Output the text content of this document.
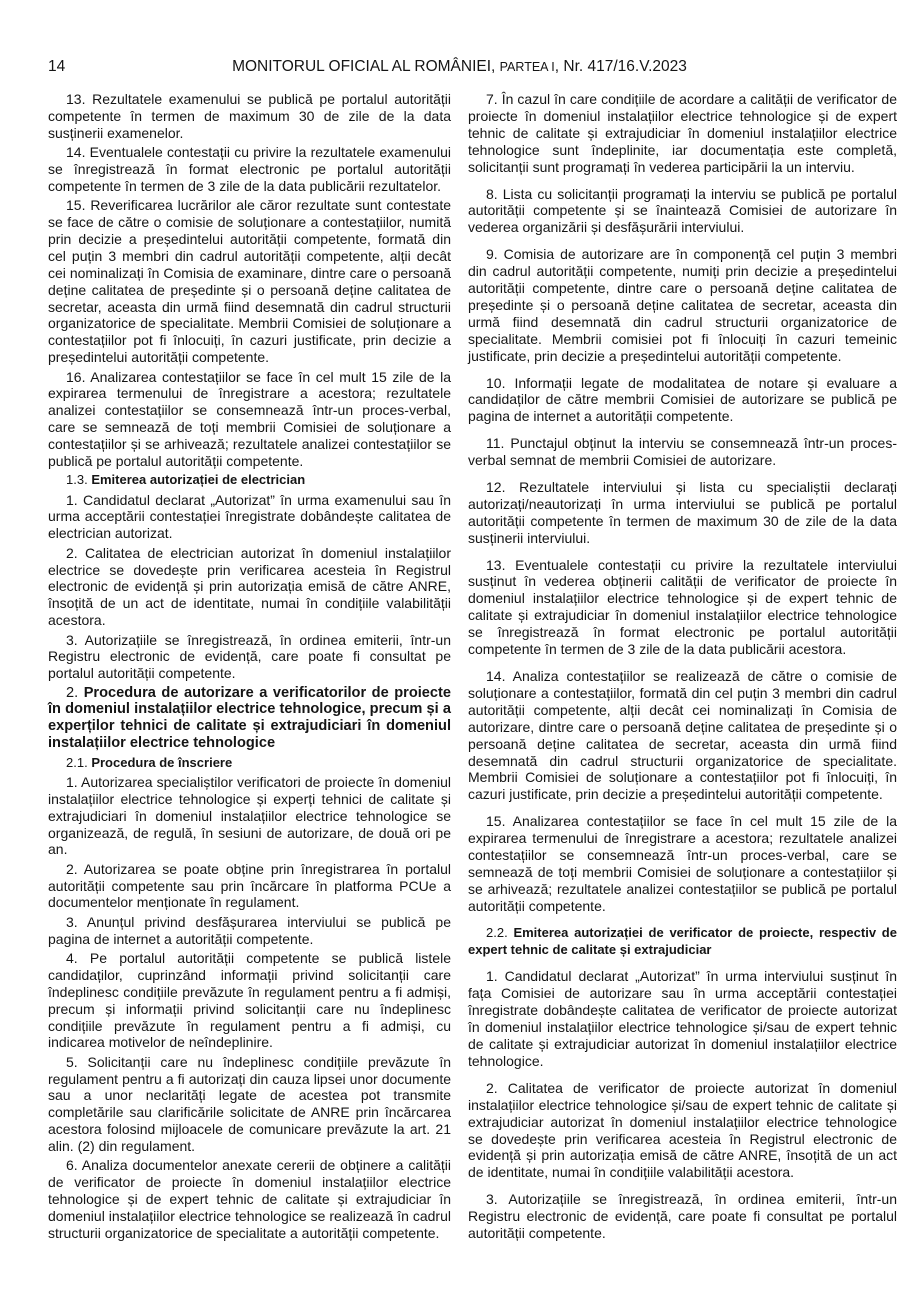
14	MONITORUL OFICIAL AL ROMÂNIEI, PARTEA I, Nr. 417/16.V.2023

13. Rezultatele examenului se publică pe portalul autorității competente în termen de maximum 30 de zile de la data susținerii examenelor.

14. Eventualele contestații cu privire la rezultatele examenului se înregistrează în format electronic pe portalul autorității competente în termen de 3 zile de la data publicării rezultatelor.

15. Reverificarea lucrărilor ale căror rezultate sunt contestate se face de către o comisie de soluționare a contestațiilor, numită prin decizie a președintelui autorității competente, formată din cel puțin 3 membri din cadrul autorității competente, alții decât cei nominalizați în Comisia de examinare, dintre care o persoană deține calitatea de președinte și o persoană deține calitatea de secretar, aceasta din urmă fiind desemnată din cadrul structurii organizatorice de specialitate. Membrii Comisiei de soluționare a contestațiilor pot fi înlocuiți, în cazuri justificate, prin decizie a președintelui autorității competente.

16. Analizarea contestațiilor se face în cel mult 15 zile de la expirarea termenului de înregistrare a acestora; rezultatele analizei contestațiilor se consemnează într-un proces-verbal, care se semnează de toți membrii Comisiei de soluționare a contestațiilor și se arhivează; rezultatele analizei contestațiilor se publică pe portalul autorității competente.

1.3. Emiterea autorizației de electrician

1. Candidatul declarat „Autorizat” în urma examenului sau în urma acceptării contestației înregistrate dobândește calitatea de electrician autorizat.

2. Calitatea de electrician autorizat în domeniul instalațiilor electrice se dovedește prin verificarea acesteia în Registrul electronic de evidență și prin autorizația emisă de către ANRE, însoțită de un act de identitate, numai în condițiile valabilității acestora.

3. Autorizațiile se înregistrează, în ordinea emiterii, într-un Registru electronic de evidență, care poate fi consultat pe portalul autorității competente.

2. Procedura de autorizare a verificatorilor de proiecte în domeniul instalațiilor electrice tehnologice, precum și a experților tehnici de calitate și extrajudiciari în domeniul instalațiilor electrice tehnologice

2.1. Procedura de înscriere

1. Autorizarea specialiștilor verificatori de proiecte în domeniul instalațiilor electrice tehnologice și experți tehnici de calitate și extrajudiciari în domeniul instalațiilor electrice tehnologice se organizează, de regulă, în sesiuni de autorizare, de două ori pe an.

2. Autorizarea se poate obține prin înregistrarea în portalul autorității competente sau prin încărcare în platforma PCUe a documentelor menționate în regulament.

3. Anunțul privind desfășurarea interviului se publică pe pagina de internet a autorității competente.

4. Pe portalul autorității competente se publică listele candidaților, cuprinzând informații privind solicitanții care îndeplinesc condițiile prevăzute în regulament pentru a fi admiși, precum și informații privind solicitanții care nu îndeplinesc condițiile prevăzute în regulament pentru a fi admiși, cu indicarea motivelor de neîndeplinire.

5. Solicitanții care nu îndeplinesc condițiile prevăzute în regulament pentru a fi autorizați din cauza lipsei unor documente sau a unor neclarități legate de acestea pot transmite completările sau clarificările solicitate de ANRE prin încărcarea acestora folosind mijloacele de comunicare prevăzute la art. 21 alin. (2) din regulament.

6. Analiza documentelor anexate cererii de obținere a calității de verificator de proiecte în domeniul instalațiilor electrice tehnologice și de expert tehnic de calitate și extrajudiciar în domeniul instalațiilor electrice tehnologice se realizează în cadrul structurii organizatorice de specialitate a autorității competente.

7. În cazul în care condițiile de acordare a calității de verificator de proiecte în domeniul instalațiilor electrice tehnologice și de expert tehnic de calitate și extrajudiciar în domeniul instalațiilor electrice tehnologice sunt îndeplinite, iar documentația este completă, solicitanții sunt programați în vederea participării la un interviu.

8. Lista cu solicitanții programați la interviu se publică pe portalul autorității competente și se înaintează Comisiei de autorizare în vederea organizării și desfășurării interviului.

9. Comisia de autorizare are în componență cel puțin 3 membri din cadrul autorității competente, numiți prin decizie a președintelui autorității competente, dintre care o persoană deține calitatea de președinte și o persoană deține calitatea de secretar, aceasta din urmă fiind desemnată din cadrul structurii organizatorice de specialitate. Membrii comisiei pot fi înlocuiți în cazuri temeinic justificate, prin decizie a președintelui autorității competente.

10. Informații legate de modalitatea de notare și evaluare a candidaților de către membrii Comisiei de autorizare se publică pe pagina de internet a autorității competente.

11. Punctajul obținut la interviu se consemnează într-un proces-verbal semnat de membrii Comisiei de autorizare.

12. Rezultatele interviului și lista cu specialiștii declarați autorizați/neautorizați în urma interviului se publică pe portalul autorității competente în termen de maximum 30 de zile de la data susținerii interviului.

13. Eventualele contestații cu privire la rezultatele interviului susținut în vederea obținerii calității de verificator de proiecte în domeniul instalațiilor electrice tehnologice și de expert tehnic de calitate și extrajudiciar în domeniul instalațiilor electrice tehnologice se înregistrează în format electronic pe portalul autorității competente în termen de 3 zile de la data publicării acestora.

14. Analiza contestațiilor se realizează de către o comisie de soluționare a contestațiilor, formată din cel puțin 3 membri din cadrul autorității competente, alții decât cei nominalizați în Comisia de autorizare, dintre care o persoană deține calitatea de președinte și o persoană deține calitatea de secretar, aceasta din urmă fiind desemnată din cadrul structurii organizatorice de specialitate. Membrii Comisiei de soluționare a contestațiilor pot fi înlocuiți, în cazuri justificate, prin decizie a președintelui autorității competente.

15. Analizarea contestațiilor se face în cel mult 15 zile de la expirarea termenului de înregistrare a acestora; rezultatele analizei contestațiilor se consemnează într-un proces-verbal, care se semnează de toți membrii Comisiei de soluționare a contestațiilor și se arhivează; rezultatele analizei contestațiilor se publică pe portalul autorității competente.

2.2. Emiterea autorizației de verificator de proiecte, respectiv de expert tehnic de calitate și extrajudiciar

1. Candidatul declarat „Autorizat” în urma interviului susținut în fața Comisiei de autorizare sau în urma acceptării contestației înregistrate dobândește calitatea de verificator de proiecte autorizat în domeniul instalațiilor electrice tehnologice și/sau de expert tehnic de calitate și extrajudiciar autorizat în domeniul instalațiilor electrice tehnologice.

2. Calitatea de verificator de proiecte autorizat în domeniul instalațiilor electrice tehnologice și/sau de expert tehnic de calitate și extrajudiciar autorizat în domeniul instalațiilor electrice tehnologice se dovedește prin verificarea acesteia în Registrul electronic de evidență și prin autorizația emisă de către ANRE, însoțită de un act de identitate, numai în condițiile valabilității acestora.

3. Autorizațiile se înregistrează, în ordinea emiterii, într-un Registru electronic de evidență, care poate fi consultat pe portalul autorității competente.
